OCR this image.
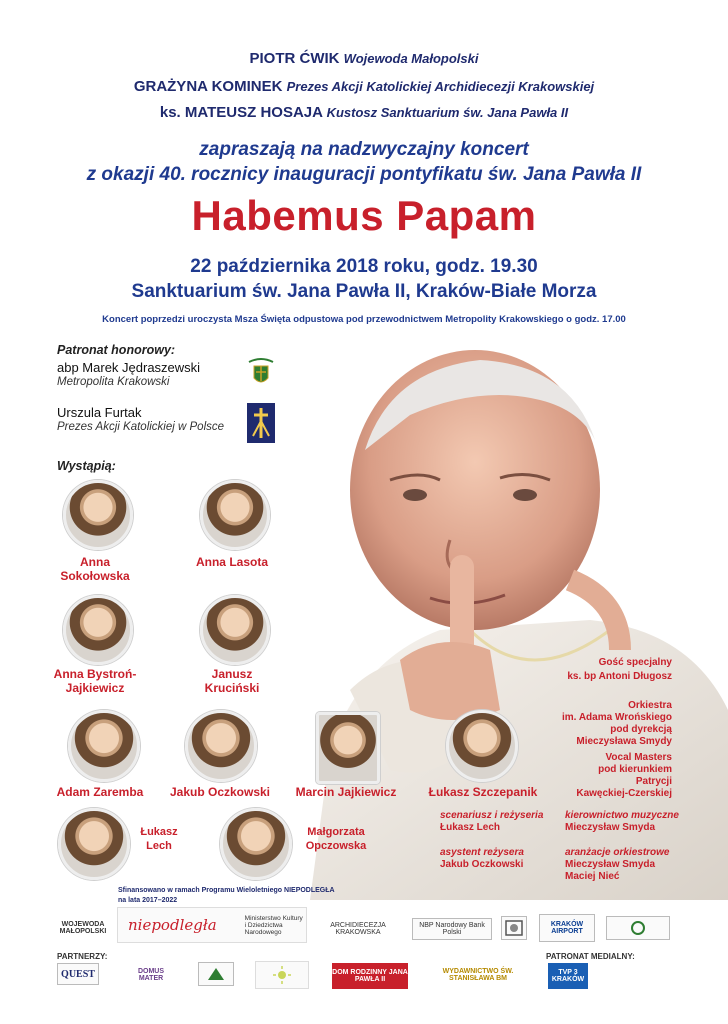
PIOTR ĆWIK Wojewoda Małopolski
GRAŻYNA KOMINEK Prezes Akcji Katolickiej Archidiecezji Krakowskiej
ks. MATEUSZ HOSAJA Kustosz Sanktuarium św. Jana Pawła II
zapraszają na nadzwyczajny koncert
z okazji 40. rocznicy inauguracji pontyfikatu św. Jana Pawła II
Habemus Papam
22 października 2018 roku, godz. 19.30
Sanktuarium św. Jana Pawła II, Kraków-Białe Morza
Koncert poprzedzi uroczysta Msza Święta odpustowa pod przewodnictwem Metropolity Krakowskiego o godz. 17.00
Patronat honorowy:
abp Marek Jędraszewski
Metropolita Krakowski
Urszula Furtak
Prezes Akcji Katolickiej w Polsce
Wystąpią:
Anna Sokołowska
Anna Lasota
Anna Bystroń-Jajkiewicz
Janusz Kruciński
Adam Zaremba	Jakub Oczkowski	Marcin Jajkiewicz	Łukasz Szczepanik
Łukasz Lech
Małgorzata Opczowska
Gość specjalny
ks. bp Antoni Długosz
Orkiestra
im. Adama Wrońskiego
pod dyrekcją
Mieczysława Smydy
Vocal Masters
pod kierunkiem
Patrycji
Kawęckiej-Czerskiej
scenariusz i reżyseria
Łukasz Lech
kierownictwo muzyczne
Mieczysław Smyda
asystent reżysera
Jakub Oczkowski
aranżacje orkiestrowe
Mieczysław Smyda
Maciej Nieć
Sfinansowano w ramach Programu Wieloletniego NIEPODLEGŁA
na lata 2017–2022
WOJEWODA MAŁOPOLSKI niepodległa	Ministerstwo Kultury i Dziedzictwa Narodowego
ARCHIDIECEZJA KRAKOWSKA
NBP Narodowy Bank Polski
KRAKÓW AIRPORT
PARTNERZY:	PATRONAT MEDIALNY:
QUEST	DOMUS MATER
DOM RODZINNY JANA PAWŁA II
WYDAWNICTWO ŚW. STANISŁAWA BM
TVP 3 KRAKÓW
